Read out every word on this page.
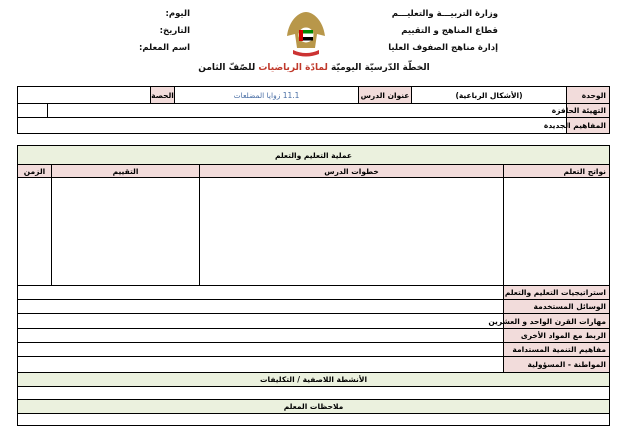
وزارة التربيـــة والتعليـــم
قطاع المناهج و التقييم
إدارة مناهج الصفوف العليا
اليوم:
التاريخ:
اسم المعلم:
الخطّة الدّرسيّة اليوميّة لمادّة الرياضيات للصّفّ الثامن
الوحدة
(الأشكال الرباعية)
عنوان الدرس
11.1 زوايا المضلعات
الحصة
التهيئة الحافزة
المفاهيم الجديدة
عملية التعليم والتعلم
نواتج التعلم
خطوات الدرس
التقييم
الزمن
استراتيجيات التعليم والتعلم
الوسائل المستخدمة
مهارات القرن الواحد و العشرين
الربط مع المواد الأخرى
مفاهيم التنمية المستدامة
المواطنة - المسؤولية
الأنشطة اللاصفية / التكليفات
ملاحظات المعلم
